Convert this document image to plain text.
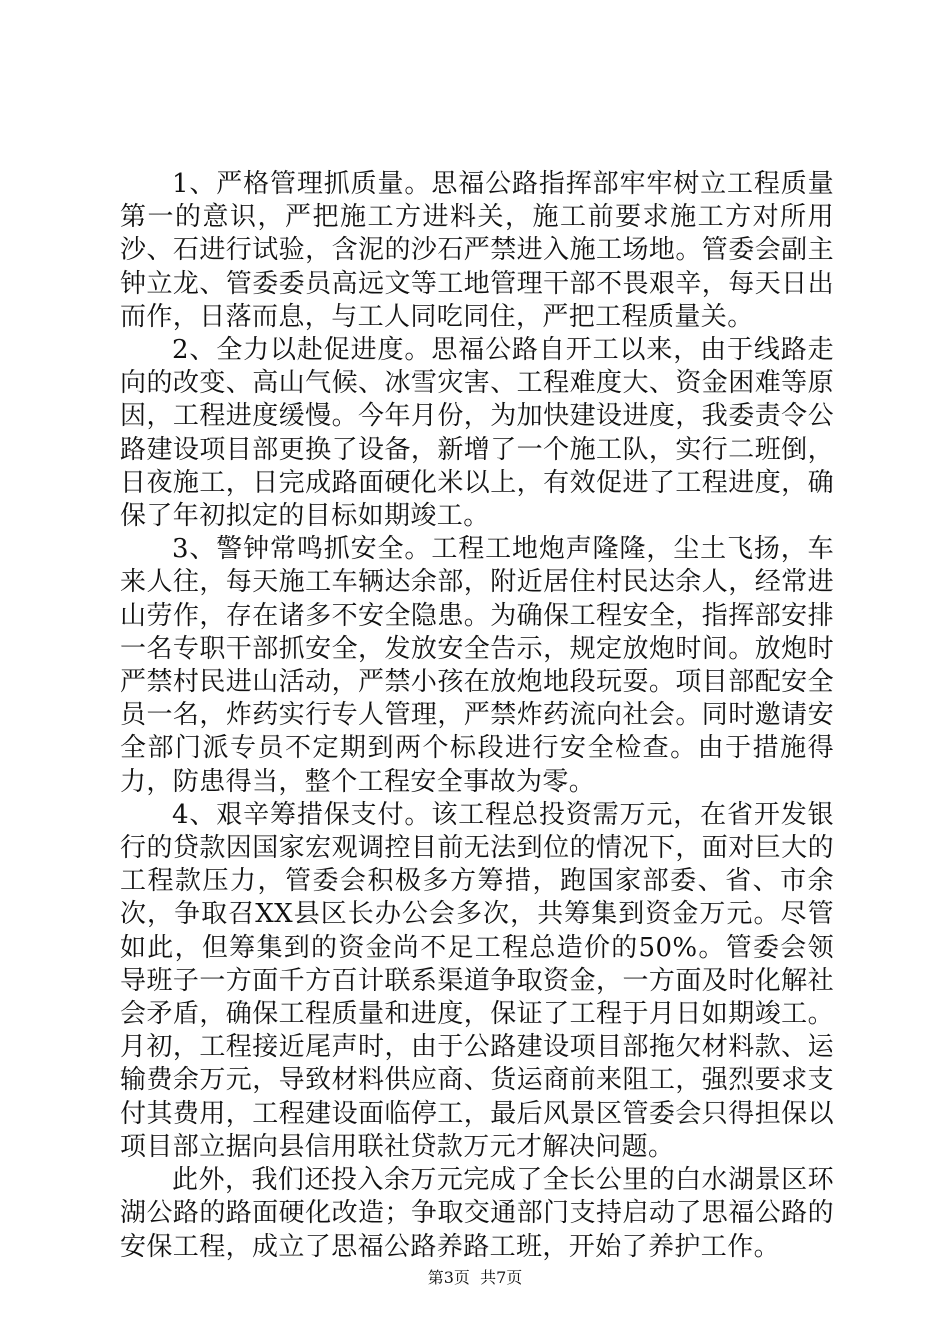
1、严格管理抓质量。思福公路指挥部牢牢树立工程质量第一的意识，严把施工方进料关，施工前要求施工方对所用沙、石进行试验，含泥的沙石严禁进入施工场地。管委会副主钟立龙、管委委员高远文等工地管理干部不畏艰辛，每天日出而作，日落而息，与工人同吃同住，严把工程质量关。

2、全力以赴促进度。思福公路自开工以来，由于线路走向的改变、高山气候、冰雪灾害、工程难度大、资金困难等原因，工程进度缓慢。今年月份，为加快建设进度，我委责令公路建设项目部更换了设备，新增了一个施工队，实行二班倒，日夜施工，日完成路面硬化米以上，有效促进了工程进度，确保了年初拟定的目标如期竣工。

3、警钟常鸣抓安全。工程工地炮声隆隆，尘土飞扬，车来人往，每天施工车辆达余部，附近居住村民达余人，经常进山劳作，存在诸多不安全隐患。为确保工程安全，指挥部安排一名专职干部抓安全，发放安全告示，规定放炮时间。放炮时严禁村民进山活动，严禁小孩在放炮地段玩耍。项目部配安全员一名，炸药实行专人管理，严禁炸药流向社会。同时邀请安全部门派专员不定期到两个标段进行安全检查。由于措施得力，防患得当，整个工程安全事故为零。

4、艰辛筹措保支付。该工程总投资需万元，在省开发银行的贷款因国家宏观调控目前无法到位的情况下，面对巨大的工程款压力，管委会积极多方筹措，跑国家部委、省、市余次，争取召XX县区长办公会多次，共筹集到资金万元。尽管如此，但筹集到的资金尚不足工程总造价的50%。管委会领导班子一方面千方百计联系渠道争取资金，一方面及时化解社会矛盾，确保工程质量和进度，保证了工程于月日如期竣工。月初，工程接近尾声时，由于公路建设项目部拖欠材料款、运输费余万元，导致材料供应商、货运商前来阻工，强烈要求支付其费用，工程建设面临停工，最后风景区管委会只得担保以项目部立据向县信用联社贷款万元才解决问题。

此外，我们还投入余万元完成了全长公里的白水湖景区环湖公路的路面硬化改造；争取交通部门支持启动了思福公路的安保工程，成立了思福公路养路工班，开始了养护工作。

第3页 共7页
